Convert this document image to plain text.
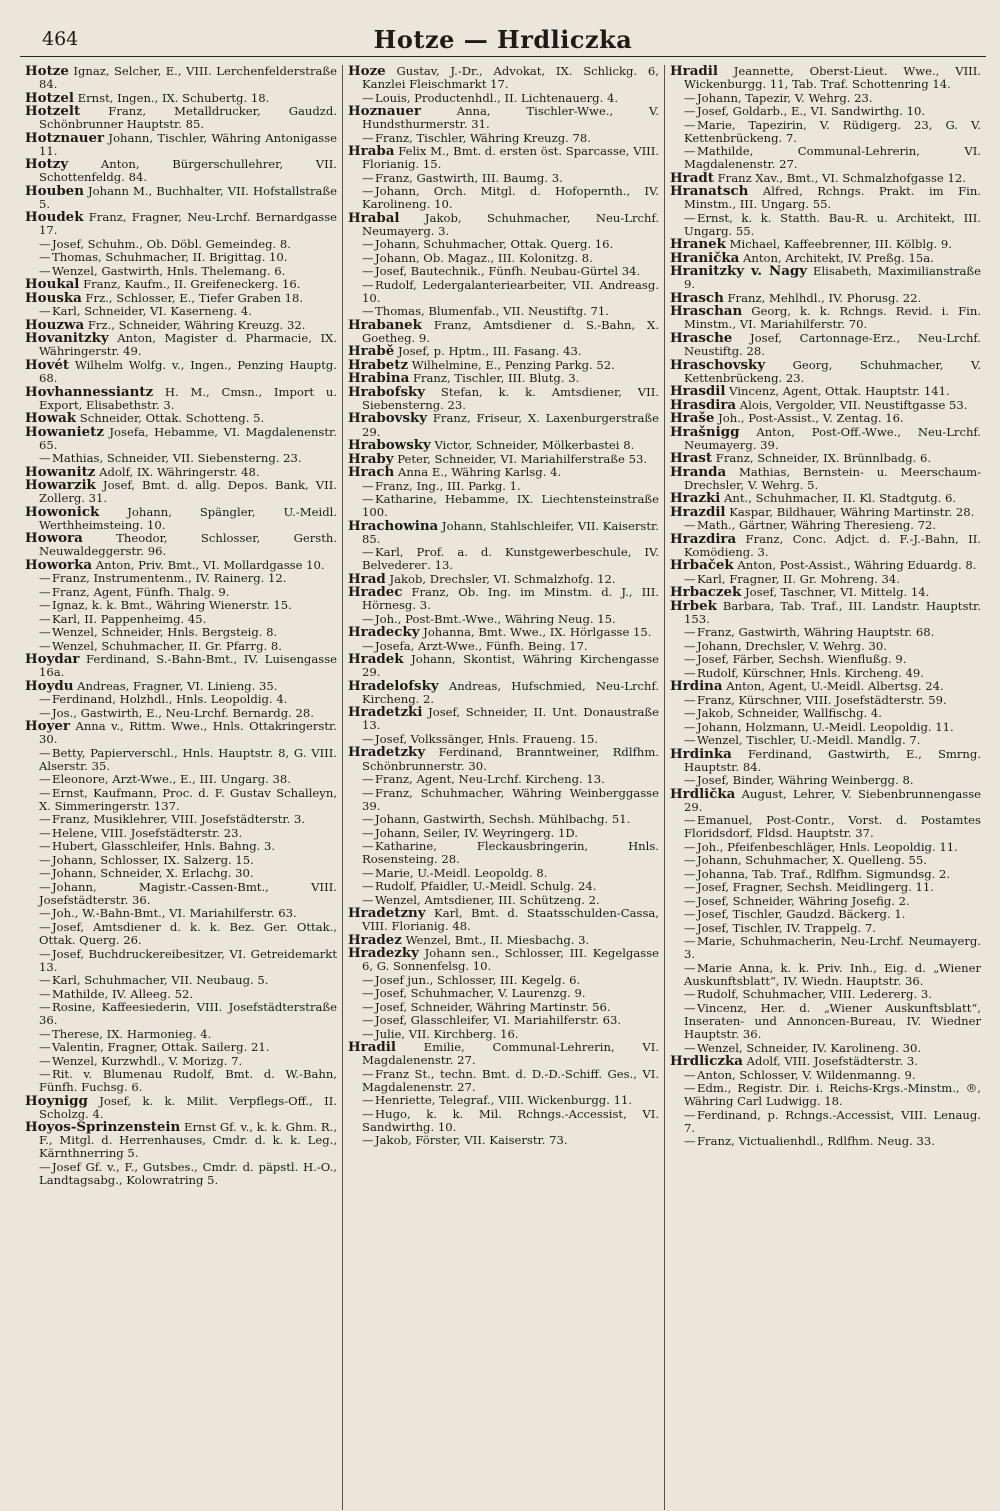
464	Hotze — Hrdliczka

Hotze Ignaz, Selcher, E., VIII. Lerchenfelderstraße 84.

Hotzel Ernst, Ingen., IX. Schubertg. 18.

Hotzelt Franz, Metalldrucker, Gaudzd. Schönbrunner Hauptstr. 85.

Hotznauer Johann, Tischler, Währing Antonigasse 11.

Hotzy	Anton, Bürgerschullehrer, VII. Schottenfeldg. 84.

Houben Johann M., Buchhalter, VII. Hofstallstraße 5.

Houdek Franz, Fragner, Neu-Lrchf. Bernardgasse 17.

—Josef, Schuhm., Ob. Döbl. Gemeindeg. 8.

—Thomas, Schuhmacher, II. Brigittag. 10.

—Wenzel, Gastwirth, Hnls. Thelemang. 6.

Houkal Franz, Kaufm., II. Greifeneckerg. 16.

Houska Frz., Schlosser, E., Tiefer Graben 18.

—Karl, Schneider, VI. Kaserneng. 4.

Houzwa Frz., Schneider, Währing Kreuzg. 32.

Hovanitzky Anton, Magister d. Pharmacie, IX. Währingerstr. 49.

Hovét Wilhelm Wolfg. v., Ingen., Penzing Hauptg. 68.

Hovhannessiantz H. M., Cmsn., Import u. Export, Elisabethstr. 3.

Howak Schneider, Ottak. Schotteng. 5.

Howanietz Josefa, Hebamme, VI. Magdalenenstr. 65.

—Mathias, Schneider, VII. Siebensterng. 23.

Howanitz Adolf, IX. Währingerstr. 48.

Howarzik Josef, Bmt. d. allg. Depos. Bank, VII. Zollerg. 31.

Howonick Johann, Spängler, U.-Meidl. Werthheimsteing. 10.

Howora	Theodor, Schlosser, Gersth. Neuwaldeggerstr. 96.

Howorka Anton, Priv. Bmt., VI. Mollardgasse 10.

—Franz, Instrumentenm., IV. Rainerg. 12.

—Franz, Agent, Fünfh. Thalg. 9.

—Ignaz, k. k. Bmt., Währing Wienerstr. 15.

—Karl, II. Pappenheimg. 45.

—Wenzel, Schneider, Hnls. Bergsteig. 8.

—Wenzel, Schuhmacher, II. Gr. Pfarrg. 8.

Hoydar Ferdinand, S.-Bahn-Bmt., IV. Luisengasse 16a.

Hoydu Andreas, Fragner, VI. Linieng. 35.

—Ferdinand, Holzhdl., Hnls. Leopoldig. 4.

—Jos., Gastwirth, E., Neu-Lrchf. Bernardg. 28.

Hoyer Anna v., Rittm. Wwe., Hnls. Ottakringerstr. 30.

—Betty, Papierverschl., Hnls. Hauptstr. 8, G. VIII. Alserstr. 35.

—Eleonore, Arzt-Wwe., E., III. Ungarg. 38.

—Ernst, Kaufmann, Proc. d. F. Gustav Schalleyn, X. Simmeringerstr. 137.

—Franz, Musiklehrer, VIII. Josefstädterstr. 3.

—Helene, VIII. Josefstädterstr. 23.

—Hubert, Glasschleifer, Hnls. Bahng. 3.

—Johann, Schlosser, IX. Salzerg. 15.

—Johann, Schneider, X. Erlachg. 30.

—Johann, Magistr.-Cassen-Bmt., VIII. Josefstädterstr. 36.

—Joh., W.-Bahn-Bmt., VI. Mariahilferstr. 63.

—Josef, Amtsdiener d. k. k. Bez. Ger. Ottak., Ottak. Querg. 26.

—Josef, Buchdruckereibesitzer, VI. Getreidemarkt 13.

—Karl, Schuhmacher, VII. Neubaug. 5.

—Mathilde, IV. Alleeg. 52.

—Rosine, Kaffeesiederin, VIII. Josefstädterstraße 36.

—Therese, IX. Harmonieg. 4.

—Valentin, Fragner, Ottak. Sailerg. 21.

—Wenzel, Kurzwhdl., V. Morizg. 7.

—Rit. v. Blumenau Rudolf, Bmt. d. W.-Bahn, Fünfh. Fuchsg. 6.

Hoynigg Josef, k. k. Milit. Verpflegs-Off., II. Scholzg. 4.

Hoyos-Sprinzenstein Ernst Gf. v., k. k. Ghm. R., F., Mitgl. d. Herrenhauses, Cmdr. d. k. k. Leg., Kärnthnerring 5.

—Josef Gf. v., F., Gutsbes., Cmdr. d. päpstl. H.-O., Landtagsabg., Kolowratring 5.

Hoze Gustav, J.-Dr., Advokat, IX. Schlickg. 6, Kanzlei Fleischmarkt 17.

—Louis, Productenhdl., II. Lichtenauerg. 4.

Hoznauer	Anna, Tischler-Wwe., V. Hundsthurmerstr. 31.

—Franz, Tischler, Währing Kreuzg. 78.

Hraba Felix M., Bmt. d. ersten öst. Sparcasse, VIII. Florianig. 15.

—Franz, Gastwirth, III. Baumg. 3.

—Johann, Orch. Mitgl. d. Hofopernth., IV. Karolineng. 10.

Hrabal Jakob, Schuhmacher, Neu-Lrchf. Neumayerg. 3.

—Johann, Schuhmacher, Ottak. Querg. 16.

—Johann, Ob. Magaz., III. Kolonitzg. 8.

—Josef, Bautechnik., Fünfh. Neubau-Gürtel 34.

—Rudolf, Ledergalanteriearbeiter, VII. Andreasg. 10.

—Thomas, Blumenfab., VII. Neustiftg. 71.

Hrabanek Franz, Amtsdiener d. S.-Bahn, X. Goetheg. 9.

Hrabě Josef, p. Hptm., III. Fasang. 43.

Hrabetz Wilhelmine, E., Penzing Parkg. 52.

Hrabina Franz, Tischler, III. Blutg. 3.

Hrabofsky Stefan, k. k. Amtsdiener, VII. Siebensterng. 23.

Hrabovsky Franz, Friseur, X. Laxenburgerstraße 29.

Hrabowsky Victor, Schneider, Mölkerbastei 8.

Hraby Peter, Schneider, VI. Mariahilferstraße 53.

Hrach Anna E., Währing Karlsg. 4.

—Franz, Ing., III. Parkg. 1.

—Katharine, Hebamme, IX. Liechtensteinstraße 100.

Hrachowina Johann, Stahlschleifer, VII. Kaiserstr. 85.

—Karl, Prof. a. d. Kunstgewerbeschule, IV. Belvederег. 13.

Hrad Jakob, Drechsler, VI. Schmalzhofg. 12.

Hradec Franz, Ob. Ing. im Minstm. d. J., III. Hörnesg. 3.

—Joh., Post-Bmt.-Wwe., Währing Neug. 15.

Hradecky Johanna, Bmt. Wwe., IX. Hörlgasse 15.

—Josefa, Arzt-Wwe., Fünfh. Being. 17.

Hradek Johann, Skontist, Währing Kirchengasse 29.

Hradelofsky Andreas, Hufschmied, Neu-Lrchf. Kircheng. 2.

Hradetzki Josef, Schneider, II. Unt. Donaustraße 13.

—Josef, Volkssänger, Hnls. Fraueng. 15.

Hradetzky Ferdinand, Branntweiner, Rdlfhm. Schönbrunnerstr. 30.

—Franz, Agent, Neu-Lrchf. Kircheng. 13.

—Franz, Schuhmacher, Währing Weinberggasse 39.

—Johann, Gastwirth, Sechsh. Mühlbachg. 51.

—Johann, Seiler, IV. Weyringerg. 1D.

—Katharine, Fleckausbringerin, Hnls. Rosensteing. 28.

—Marie, U.-Meidl. Leopoldg. 8.

—Rudolf, Pfaidler, U.-Meidl. Schulg. 24.

—Wenzel, Amtsdiener, III. Schützeng. 2.

Hradetzny Karl, Bmt. d. Staatsschulden-Cassa, VIII. Florianig. 48.

Hradez Wenzel, Bmt., II. Miesbachg. 3.

Hradezky Johann sen., Schlosser, III. Kegelgasse 6, G. Sonnenfelsg. 10.

—Josef jun., Schlosser, III. Kegelg. 6.

—Josef, Schuhmacher, V. Laurenzg. 9.

—Josef, Schneider, Währing Martinstr. 56.

—Josef, Glasschleifer, VI. Mariahilferstr. 63.

—Julie, VII. Kirchberg. 16.

Hradil Emilie, Communal-Lehrerin, VI. Magdalenenstr. 27.

—Franz St., techn. Bmt. d. D.-D.-Schiff. Ges., VI. Magdalenenstr. 27.

—Henriette, Telegraf., VIII. Wickenburgg. 11.

—Hugo, k. k. Mil. Rchngs.-Accessist, VI. Sandwirthg. 10.

—Jakob, Förster, VII. Kaiserstr. 73.

Hradil Jeannette, Oberst-Lieut. Wwe., VIII. Wickenburgg. 11, Tab. Traf. Schottenring 14.

—Johann, Tapezir, V. Wehrg. 23.

—Josef, Goldarb., E., VI. Sandwirthg. 10.

—Marie, Tapezirin, V. Rüdigerg. 23, G. V. Kettenbrückeng. 7.

—Mathilde, Communal-Lehrerin, VI. Magdalenenstr. 27.

Hradt Franz Xav., Bmt., VI. Schmalzhofgasse 12.

Hranatsch Alfred, Rchngs. Prakt. im Fin. Minstm., III. Ungarg. 55.

—Ernst, k. k. Statth. Bau-R. u. Architekt, III. Ungarg. 55.

Hranek Michael, Kaffeebrenner, III. Kölblg. 9.

Hranička Anton, Architekt, IV. Preßg. 15a.

Hranitzky v. Nagy Elisabeth, Maximilianstraße 9.

Hrasch Franz, Mehlhdl., IV. Phorusg. 22.

Hraschan Georg, k. k. Rchngs. Revid. i. Fin. Minstm., VI. Mariahilferstr. 70.

Hrasche Josef, Cartonnage-Erz., Neu-Lrchf. Neustiftg. 28.

Hraschovsky Georg, Schuhmacher, V. Kettenbrückeng. 23.

Hrasdil Vincenz, Agent, Ottak. Hauptstr. 141.

Hrasdira Alois, Vergolder, VII. Neustiftgasse 53.

Hraše Joh., Post-Assist., V. Zentag. 16.

Hrašnigg Anton, Post-Off.-Wwe., Neu-Lrchf. Neumayerg. 39.

Hrast Franz, Schneider, IX. Brünnlbadg. 6.

Hranda Mathias, Bernstein- u. Meerschaum-Drechsler, V. Wehrg. 5.

Hrazki Ant., Schuhmacher, II. Kl. Stadtgutg. 6.

Hrazdil Kaspar, Bildhauer, Währing Martinstr. 28.

—Math., Gärtner, Währing Theresieng. 72.

Hrazdira Franz, Conc. Adjct. d. F.-J.-Bahn, II. Komödieng. 3.

Hrbaček Anton, Post-Assist., Währing Eduardg. 8.

—Karl, Fragner, II. Gr. Mohreng. 34.

Hrbaczek Josef, Taschner, VI. Mittelg. 14.

Hrbek Barbara, Tab. Traf., III. Landstr. Hauptstr. 153.

—Franz, Gastwirth, Währing Hauptstr. 68.

—Johann, Drechsler, V. Wehrg. 30.

—Josef, Färber, Sechsh. Wienflußg. 9.

—Rudolf, Kürschner, Hnls. Kircheng. 49.

Hrdina Anton, Agent, U.-Meidl. Albertsg. 24.

—Franz, Kürschner, VIII. Josefstädterstr. 59.

—Jakob, Schneider, Wallfischg. 4.

—Johann, Holzmann, U.-Meidl. Leopoldig. 11.

—Wenzel, Tischler, U.-Meidl. Mandlg. 7.

Hrdinka Ferdinand, Gastwirth, E., Smrng. Hauptstr. 84.

—Josef, Binder, Währing Weinbergg. 8.

Hrdlička August, Lehrer, V. Siebenbrunnengasse 29.

—Emanuel, Post-Contr., Vorst. d. Postamtes Floridsdorf, Fldsd. Hauptstr. 37.

—Joh., Pfeifenbeschläger, Hnls. Leopoldig. 11.

—Johann, Schuhmacher, X. Quelleng. 55.

—Johanna, Tab. Traf., Rdlfhm. Sigmundsg. 2.

—Josef, Fragner, Sechsh. Meidlingerg. 11.

—Josef, Schneider, Währing Josefig. 2.

—Josef, Tischler, Gaudzd. Bäckerg. 1.

—Josef, Tischler, IV. Trappelg. 7.

—Marie, Schuhmacherin, Neu-Lrchf. Neumayerg. 3.

—Marie Anna, k. k. Priv. Inh., Eig. d. „Wiener Auskunftsblatt“, IV. Wiedn. Hauptstr. 36.

—Rudolf, Schuhmacher, VIII. Ledererg. 3.

—Vincenz, Her. d. „Wiener Auskunftsblatt“, Inseraten- und Annoncen-Bureau, IV. Wiedner Hauptstr. 36.

—Wenzel, Schneider, IV. Karolineng. 30.

Hrdliczka Adolf, VIII. Josefstädterstr. 3.

—Anton, Schlosser, V. Wildenmanng. 9.

—Edm., Registr. Dir. i. Reichs-Krgs.-Minstm., ®, Währing Carl Ludwigg. 18.

—Ferdinand, p. Rchngs.-Accessist, VIII. Lenaug. 7.

—Franz, Victualienhdl., Rdlfhm. Neug. 33.
